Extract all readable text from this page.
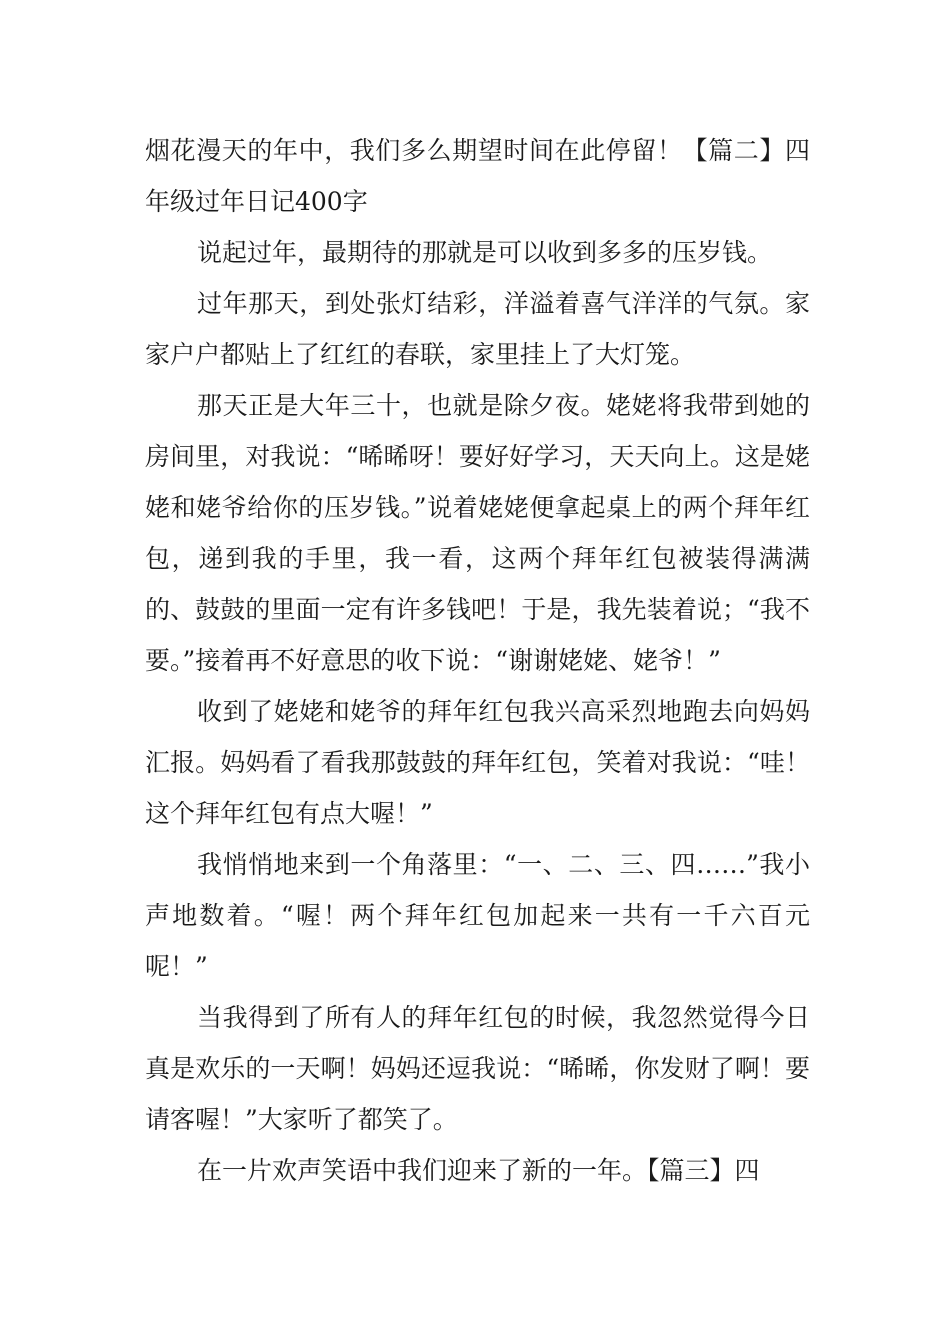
烟花漫天的年中，我们多么期望时间在此停留！【篇二】四年级过年日记400字

说起过年，最期待的那就是可以收到多多的压岁钱。

过年那天，到处张灯结彩，洋溢着喜气洋洋的气氛。家家户户都贴上了红红的春联，家里挂上了大灯笼。

那天正是大年三十，也就是除夕夜。姥姥将我带到她的房间里，对我说：“晞晞呀！要好好学习，天天向上。这是姥姥和姥爷给你的压岁钱。”说着姥姥便拿起桌上的两个拜年红包，递到我的手里，我一看，这两个拜年红包被装得满满的、鼓鼓的里面一定有许多钱吧！于是，我先装着说；“我不要。”接着再不好意思的收下说：“谢谢姥姥、姥爷！”

收到了姥姥和姥爷的拜年红包我兴高采烈地跑去向妈妈汇报。妈妈看了看我那鼓鼓的拜年红包，笑着对我说：“哇！这个拜年红包有点大喔！”

我悄悄地来到一个角落里：“一、二、三、四……”我小声地数着。“喔！两个拜年红包加起来一共有一千六百元呢！”

当我得到了所有人的拜年红包的时候，我忽然觉得今日真是欢乐的一天啊！妈妈还逗我说：“晞晞，你发财了啊！要请客喔！”大家听了都笑了。

在一片欢声笑语中我们迎来了新的一年。【篇三】四
